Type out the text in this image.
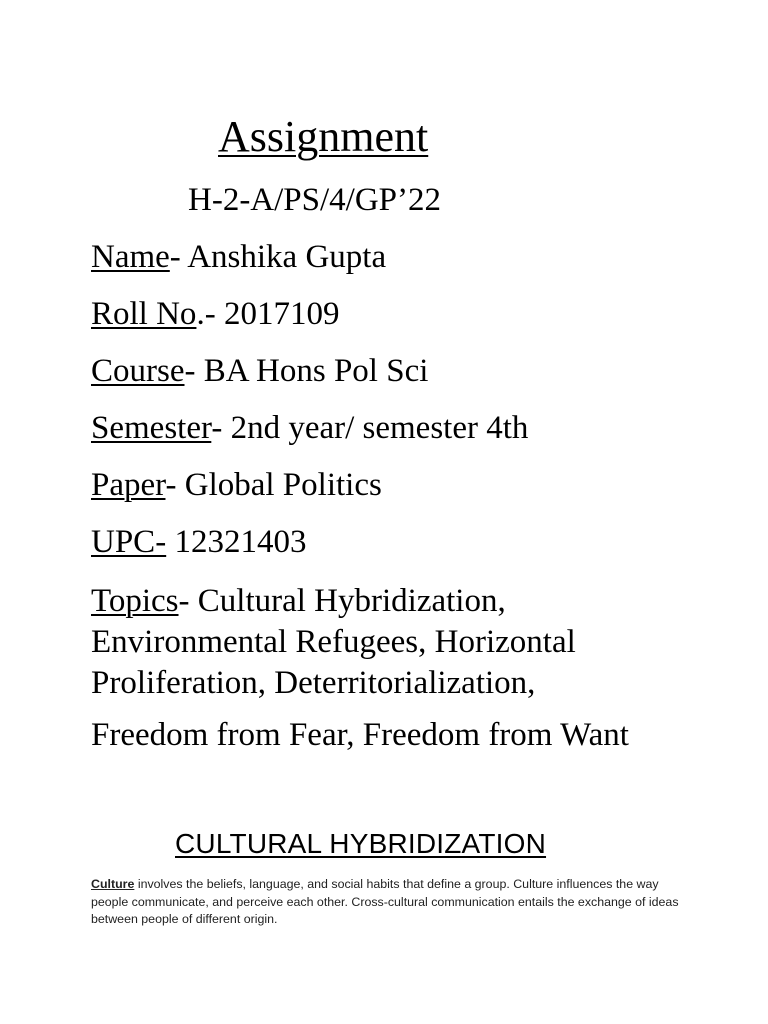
Assignment
H-2-A/PS/4/GP’22
Name- Anshika Gupta
Roll No.- 2017109
Course- BA Hons Pol Sci
Semester- 2nd year/ semester 4th
Paper- Global Politics
UPC- 12321403
Topics- Cultural Hybridization,
Environmental Refugees, Horizontal
Proliferation, Deterritorialization,
Freedom from Fear, Freedom from Want
CULTURAL HYBRIDIZATION
Culture involves the beliefs, language, and social habits that define a group. Culture influences the way people communicate, and perceive each other. Cross-cultural communication entails the exchange of ideas between people of different origin.
